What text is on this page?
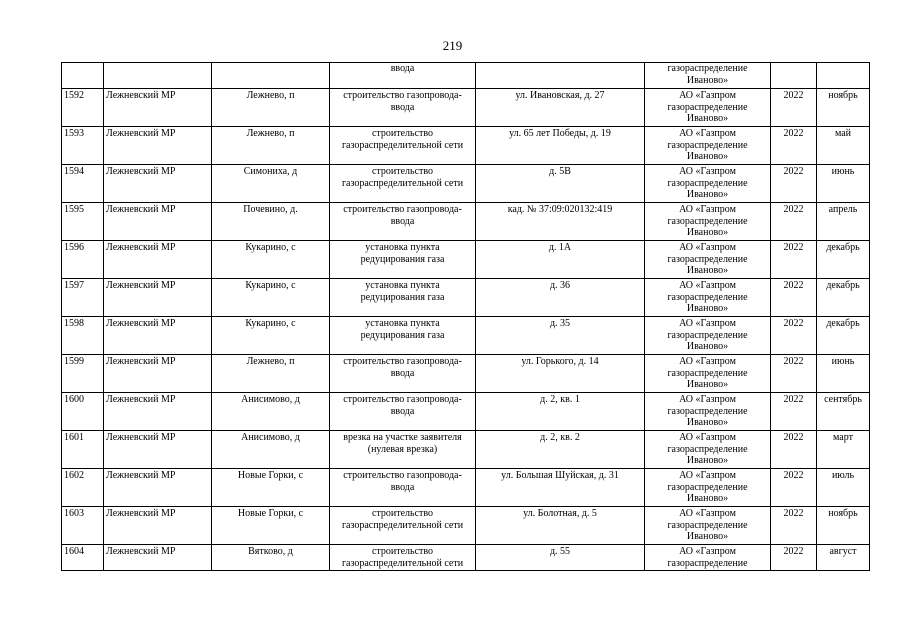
219
			ввода		газораспределение Иваново»		
1592	Лежневский МР	Лежнево, п	строительство газопровода-ввода	ул. Ивановская, д. 27	АО «Газпром газораспределение Иваново»	2022	ноябрь
1593	Лежневский МР	Лежнево, п	строительство газораспределительной сети	ул. 65 лет Победы, д. 19	АО «Газпром газораспределение Иваново»	2022	май
1594	Лежневский МР	Симониха, д	строительство газораспределительной сети	д. 5В	АО «Газпром газораспределение Иваново»	2022	июнь
1595	Лежневский МР	Почевино, д.	строительство газопровода-ввода	кад. № 37:09:020132:419	АО «Газпром газораспределение Иваново»	2022	апрель
1596	Лежневский МР	Кукарино, с	установка пункта редуцирования газа	д. 1А	АО «Газпром газораспределение Иваново»	2022	декабрь
1597	Лежневский МР	Кукарино, с	установка пункта редуцирования газа	д. 36	АО «Газпром газораспределение Иваново»	2022	декабрь
1598	Лежневский МР	Кукарино, с	установка пункта редуцирования газа	д. 35	АО «Газпром газораспределение Иваново»	2022	декабрь
1599	Лежневский МР	Лежнево, п	строительство газопровода-ввода	ул. Горького, д. 14	АО «Газпром газораспределение Иваново»	2022	июнь
1600	Лежневский МР	Анисимово, д	строительство газопровода-ввода	д. 2, кв. 1	АО «Газпром газораспределение Иваново»	2022	сентябрь
1601	Лежневский МР	Анисимово, д	врезка на участке заявителя (нулевая врезка)	д. 2, кв. 2	АО «Газпром газораспределение Иваново»	2022	март
1602	Лежневский МР	Новые Горки, с	строительство газопровода-ввода	ул. Большая Шуйская, д. 31	АО «Газпром газораспределение Иваново»	2022	июль
1603	Лежневский МР	Новые Горки, с	строительство газораспределительной сети	ул. Болотная, д. 5	АО «Газпром газораспределение Иваново»	2022	ноябрь
1604	Лежневский МР	Вятково, д	строительство газораспределительной сети	д. 55	АО «Газпром газораспределение	2022	август
